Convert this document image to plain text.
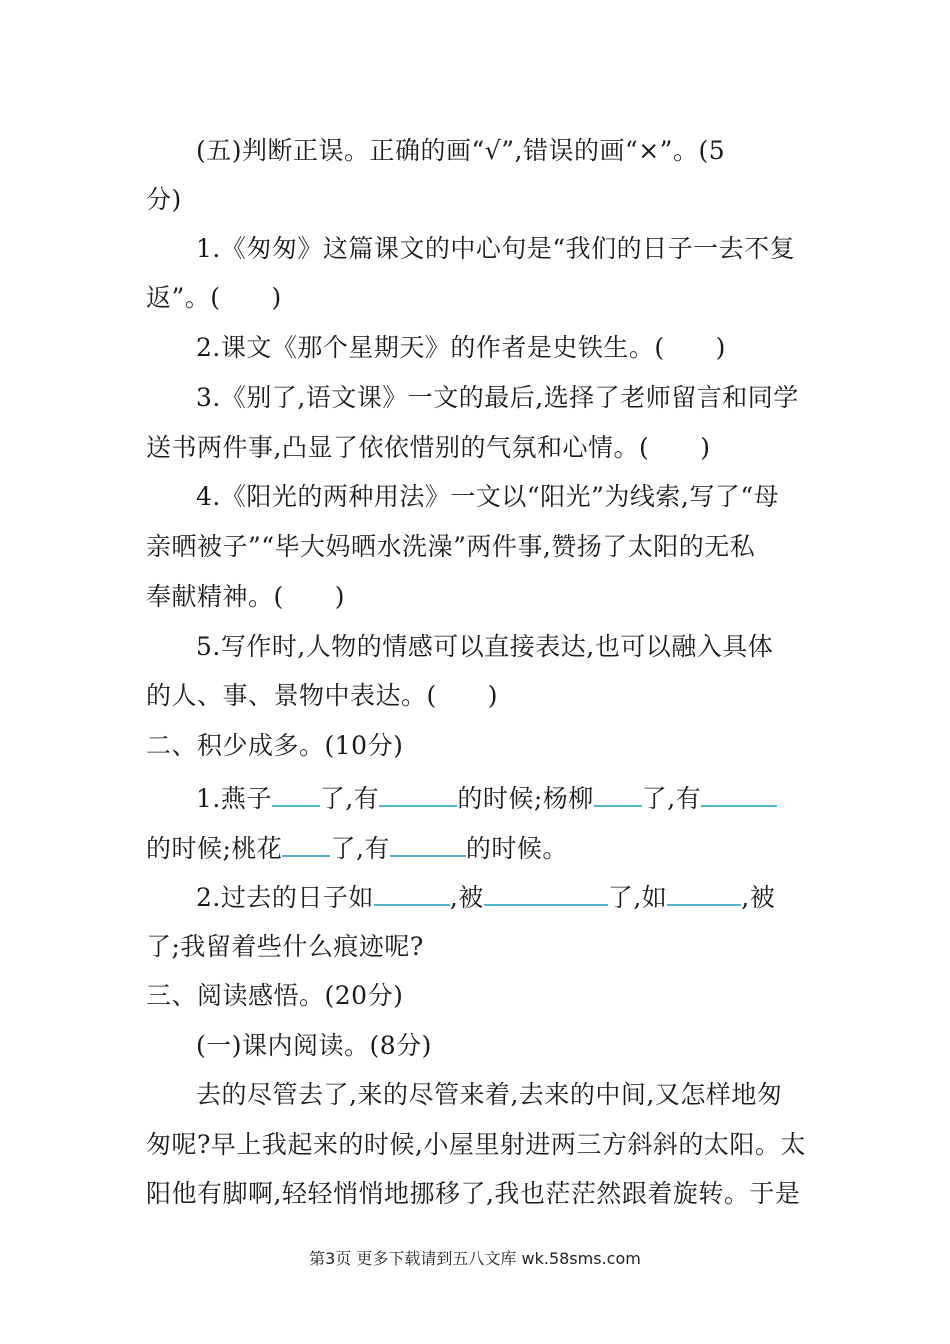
(五)判断正误。正确的画“√”,错误的画“×”。(5
分)
1.《匆匆》这篇课文的中心句是“我们的日子一去不复
返”。(　　)
2.课文《那个星期天》的作者是史铁生。(　　)
3.《别了,语文课》一文的最后,选择了老师留言和同学
送书两件事,凸显了依依惜别的气氛和心情。(　　)
4.《阳光的两种用法》一文以“阳光”为线索,写了“母
亲晒被子”“毕大妈晒水洗澡”两件事,赞扬了太阳的无私
奉献精神。(　　)
5.写作时,人物的情感可以直接表达,也可以融入具体
的人、事、景物中表达。(　　)
二、积少成多。(10分)
1.燕子 了,有	的时候;杨柳 了,有
的时候;桃花 了,有	的时候。
2.过去的日子如	,被	了,如	,被
了;我留着些什么痕迹呢?
三、阅读感悟。(20分)
(一)课内阅读。(8分)
去的尽管去了,来的尽管来着,去来的中间,又怎样地匆
匆呢?早上我起来的时候,小屋里射进两三方斜斜的太阳。太
阳他有脚啊,轻轻悄悄地挪移了,我也茫茫然跟着旋转。于是
第3页 更多下载请到五八文库 wk.58sms.com
